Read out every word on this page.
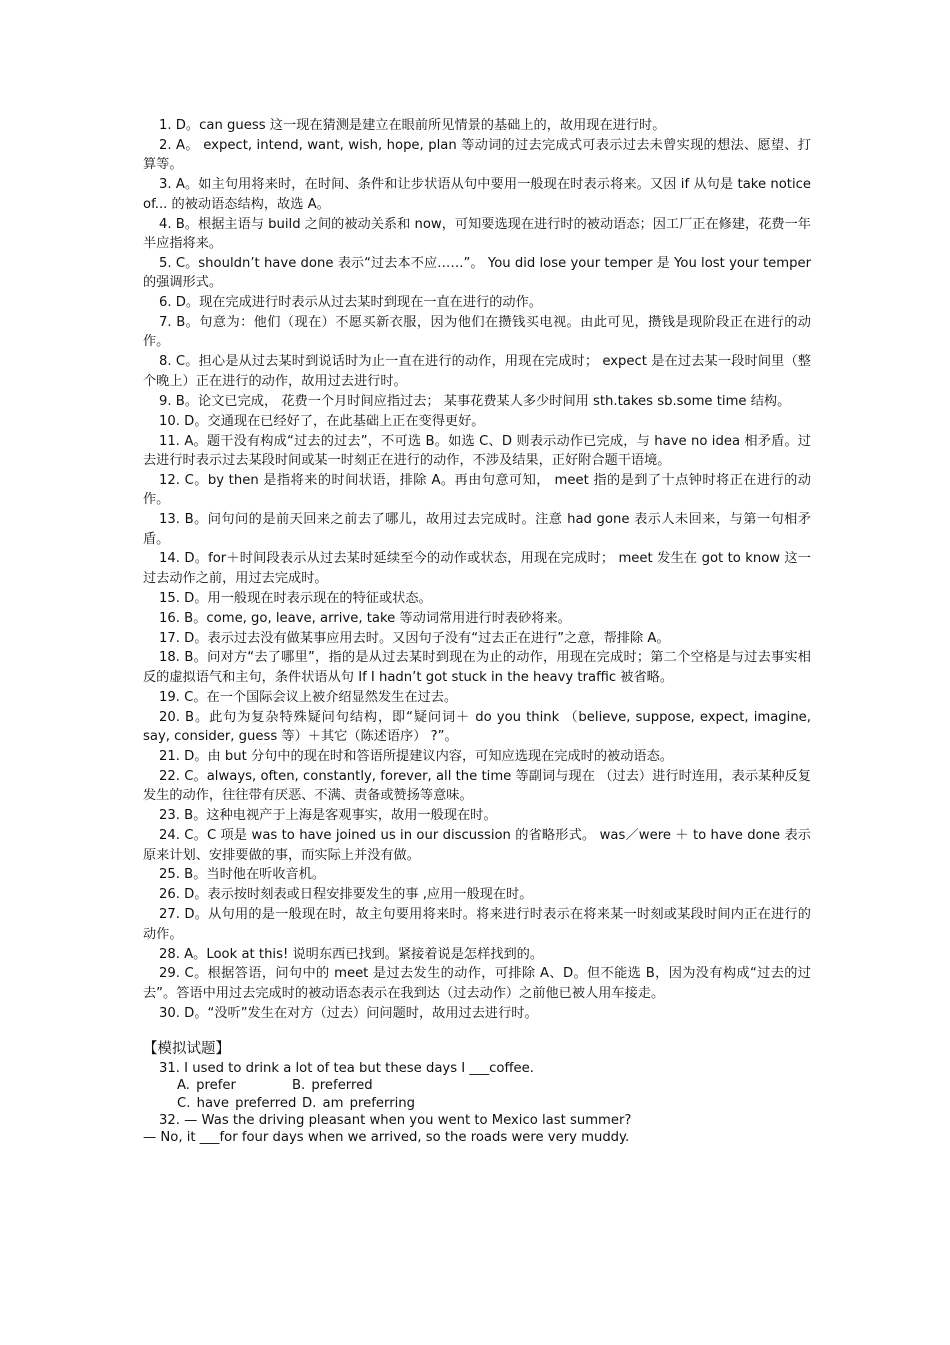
1. D。can guess 这一现在猜测是建立在眼前所见情景的基础上的，故用现在进行时。

2. A。 expect, intend, want, wish, hope, plan 等动词的过去完成式可表示过去未曾实现的想法、愿望、打算等。

3. A。如主句用将来时，在时间、条件和让步状语从句中要用一般现在时表示将来。又因 if 从句是 take notice of... 的被动语态结构，故选 A。

4. B。根据主语与 build 之间的被动关系和 now，可知要选现在进行时的被动语态；因工厂正在修建，花费一年半应指将来。

5. C。shouldn’t have done 表示“过去本不应……”。 You did lose your temper 是 You lost your temper 的强调形式。

6. D。现在完成进行时表示从过去某时到现在一直在进行的动作。

7. B。句意为：他们（现在）不愿买新衣服，因为他们在攒钱买电视。由此可见，攒钱是现阶段正在进行的动作。

8. C。担心是从过去某时到说话时为止一直在进行的动作，用现在完成时； expect 是在过去某一段时间里（整个晚上）正在进行的动作，故用过去进行时。

9. B。论文已完成， 花费一个月时间应指过去； 某事花费某人多少时间用 sth.takes sb.some time 结构。

10. D。交通现在已经好了，在此基础上正在变得更好。

11. A。题干没有构成“过去的过去”，不可选 B。如选 C、D 则表示动作已完成，与 have no idea 相矛盾。过去进行时表示过去某段时间或某一时刻正在进行的动作，不涉及结果，正好附合题干语境。

12. C。by then 是指将来的时间状语，排除 A。再由句意可知， meet 指的是到了十点钟时将正在进行的动作。

13. B。问句问的是前天回来之前去了哪儿，故用过去完成时。注意 had gone 表示人未回来，与第一句相矛盾。

14. D。for＋时间段表示从过去某时延续至今的动作或状态，用现在完成时； meet 发生在 got to know 这一过去动作之前，用过去完成时。

15. D。用一般现在时表示现在的特征或状态。

16. B。come, go, leave, arrive, take 等动词常用进行时表砂将来。

17. D。表示过去没有做某事应用去时。又因句子没有“过去正在进行”之意，帮排除 A。

18. B。问对方“去了哪里”，指的是从过去某时到现在为止的动作，用现在完成时；第二个空格是与过去事实相反的虚拟语气和主句，条件状语从句 If I hadn’t got stuck in the heavy traffic 被省略。

19. C。在一个国际会议上被介绍显然发生在过去。

20. B。此句为复杂特殊疑问句结构，即“疑问词＋ do you think （believe, suppose, expect, imagine, say, consider, guess 等）＋其它（陈述语序） ?”。

21. D。由 but 分句中的现在时和答语所提建议内容，可知应选现在完成时的被动语态。

22. C。always, often, constantly, forever, all the time 等副词与现在 （过去）进行时连用，表示某种反复发生的动作，往往带有厌恶、不满、责备或赞扬等意味。

23. B。这种电视产于上海是客观事实，故用一般现在时。

24. C。C 项是 was to have joined us in our discussion 的省略形式。 was／were ＋ to have done 表示原来计划、安排要做的事，而实际上并没有做。

25. B。当时他在听收音机。

26. D。表示按时刻表或日程安排要发生的事 ,应用一般现在时。

27. D。从句用的是一般现在时，故主句要用将来时。将来进行时表示在将来某一时刻或某段时间内正在进行的动作。

28. A。Look at this! 说明东西已找到。紧接着说是怎样找到的。

29. C。根据答语，问句中的 meet 是过去发生的动作，可排除 A、D。但不能选 B，因为没有构成“过去的过去”。答语中用过去完成时的被动语态表示在我到达（过去动作）之前他已被人用车接走。

30. D。“没听”发生在对方（过去）问问题时，故用过去进行时。

【模拟试题】
31. I used to drink a lot of tea but these days I ___coffee.
A. prefer	B. preferred
C. have preferred D. am preferring
32. — Was the driving pleasant when you went to Mexico last summer?
— No, it ___for four days when we arrived, so the roads were very muddy.
